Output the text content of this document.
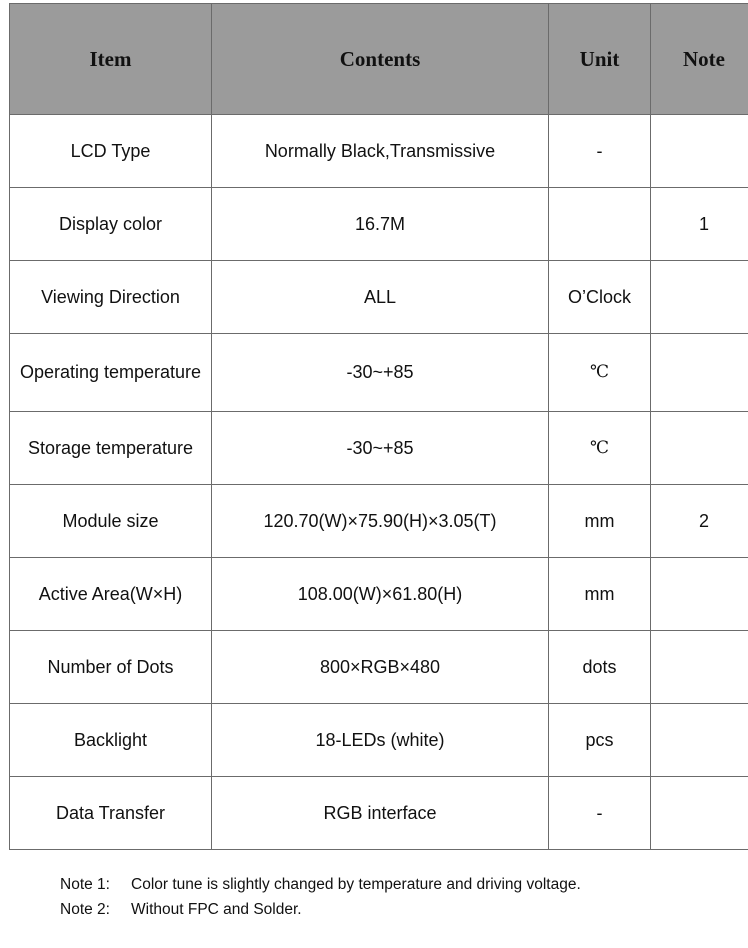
Item	Contents	Unit	Note
LCD Type	Normally Black,Transmissive	-	
Display color	16.7M		1
Viewing Direction	ALL	O’Clock	
Operating temperature	-30~+85	℃	
Storage temperature	-30~+85	℃	
Module size	120.70(W)×75.90(H)×3.05(T)	mm	2
Active Area(W×H)	108.00(W)×61.80(H)	mm	
Number of Dots	800×RGB×480	dots	
Backlight	18-LEDs (white)	pcs	
Data Transfer	RGB interface	-	
Note 1: Color tune is slightly changed by temperature and driving voltage.
Note 2: Without FPC and Solder.
